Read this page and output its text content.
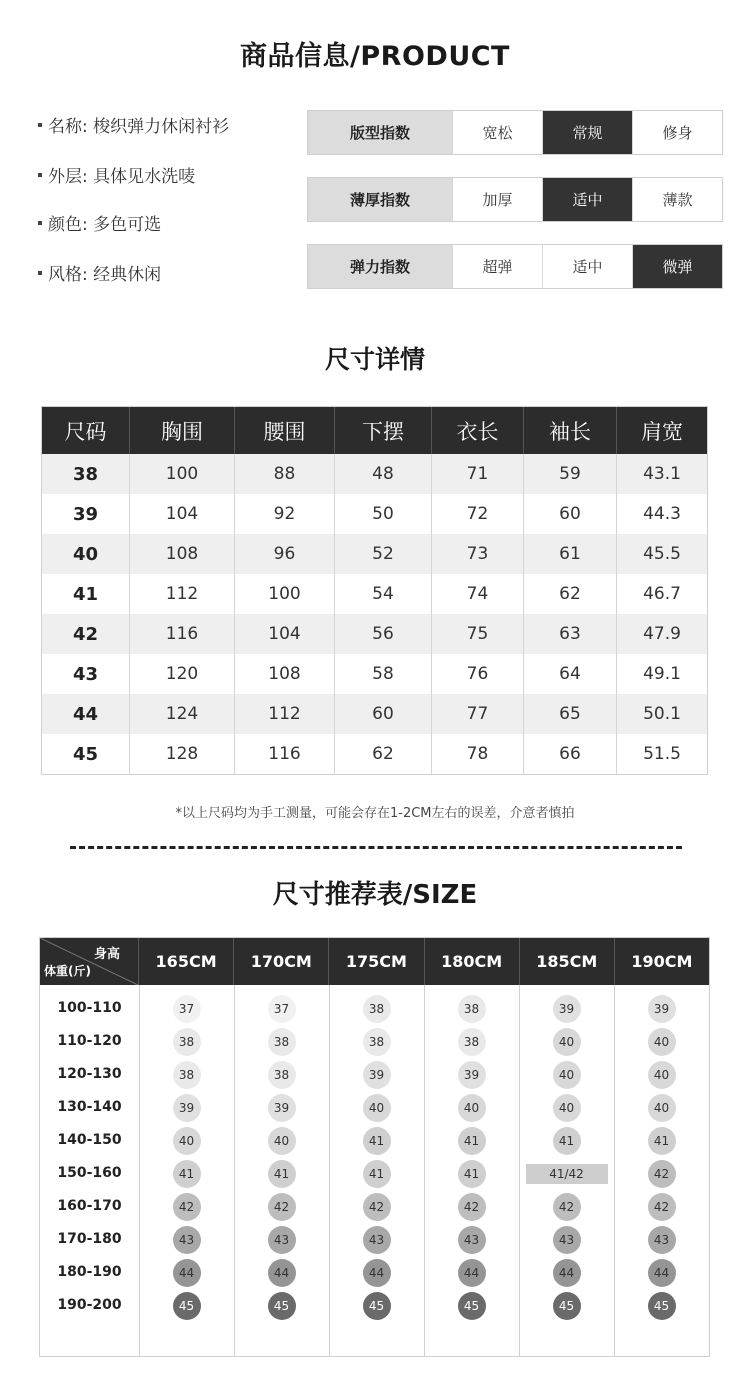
商品信息/PRODUCT
名称: 梭织弹力休闲衬衫
外层: 具体见水洗唛
颜色: 多色可选
风格: 经典休闲
版型指数	宽松	常规	修身
薄厚指数	加厚	适中	薄款
弹力指数	超弹	适中	微弹
尺寸详情
尺码	胸围	腰围	下摆	衣长	袖长	肩宽
38	100	88	48	71	59	43.1
39	104	92	50	72	60	44.3
40	108	96	52	73	61	45.5
41	112	100	54	74	62	46.7
42	116	104	56	75	63	47.9
43	120	108	58	76	64	49.1
44	124	112	60	77	65	50.1
45	128	116	62	78	66	51.5
*以上尺码均为手工测量，可能会存在1-2CM左右的误差，介意者慎拍
尺寸推荐表/SIZE
身高
体重(斤)	165CM	170CM	175CM	180CM	185CM	190CM
100-110	37	37	38	38	39	39
110-120	38	38	38	38	40	40
120-130	38	38	39	39	40	40
130-140	39	39	40	40	40	40
140-150	40	40	41	41	41	41
150-160	41	41	41	41	41/42	42
160-170	42	42	42	42	42	42
170-180	43	43	43	43	43	43
180-190	44	44	44	44	44	44
190-200	45	45	45	45	45	45
